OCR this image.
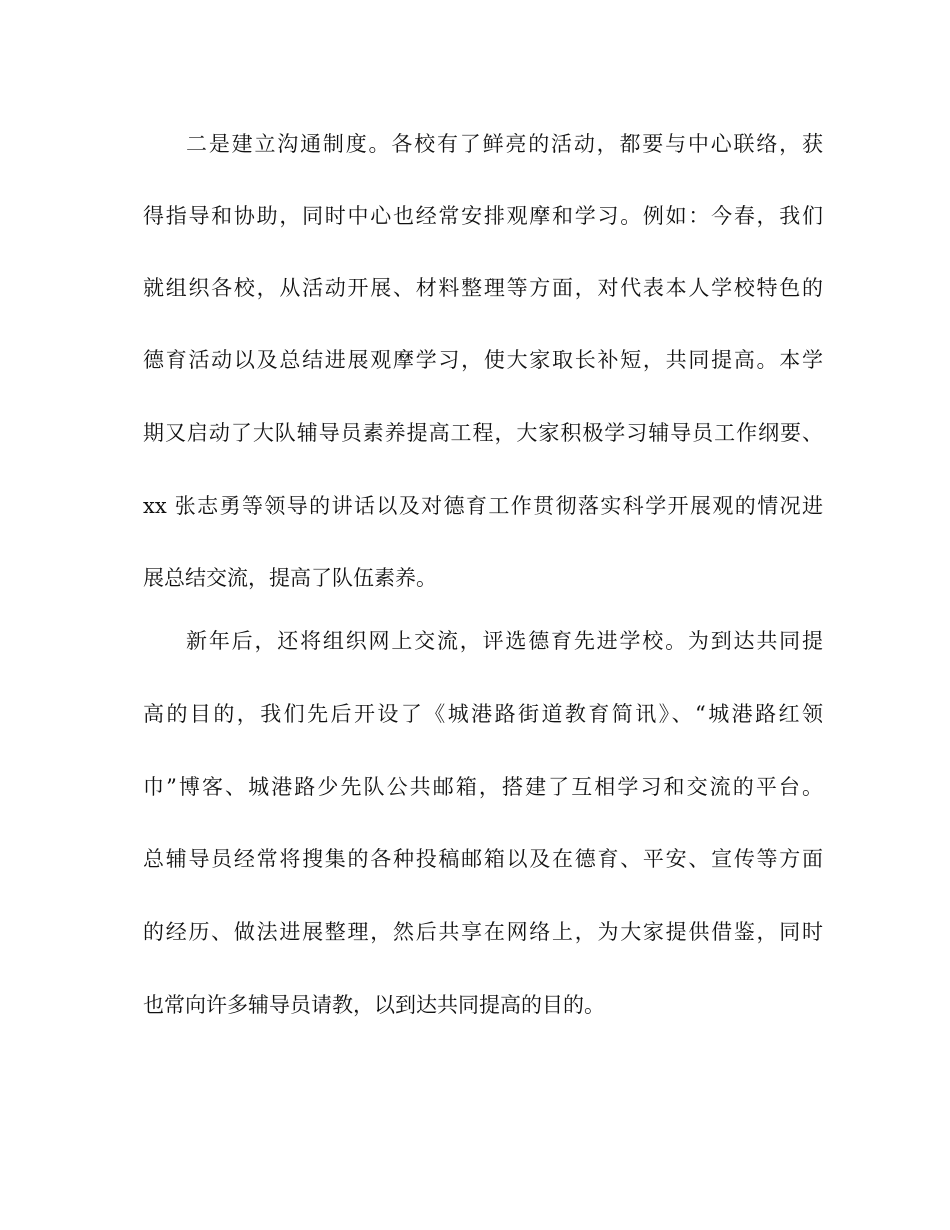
二是建立沟通制度。各校有了鲜亮的活动，都要与中心联络，获
得指导和协助，同时中心也经常安排观摩和学习。例如：今春，我们
就组织各校，从活动开展、材料整理等方面，对代表本人学校特色的
德育活动以及总结进展观摩学习，使大家取长补短，共同提高。本学
期又启动了大队辅导员素养提高工程，大家积极学习辅导员工作纲要、
xx 张志勇等领导的讲话以及对德育工作贯彻落实科学开展观的情况进
展总结交流，提高了队伍素养。
新年后，还将组织网上交流，评选德育先进学校。为到达共同提
高的目的，我们先后开设了《城港路街道教育简讯》、“城港路红领
巾”博客、城港路少先队公共邮箱，搭建了互相学习和交流的平台。
总辅导员经常将搜集的各种投稿邮箱以及在德育、平安、宣传等方面
的经历、做法进展整理，然后共享在网络上，为大家提供借鉴，同时
也常向许多辅导员请教，以到达共同提高的目的。
